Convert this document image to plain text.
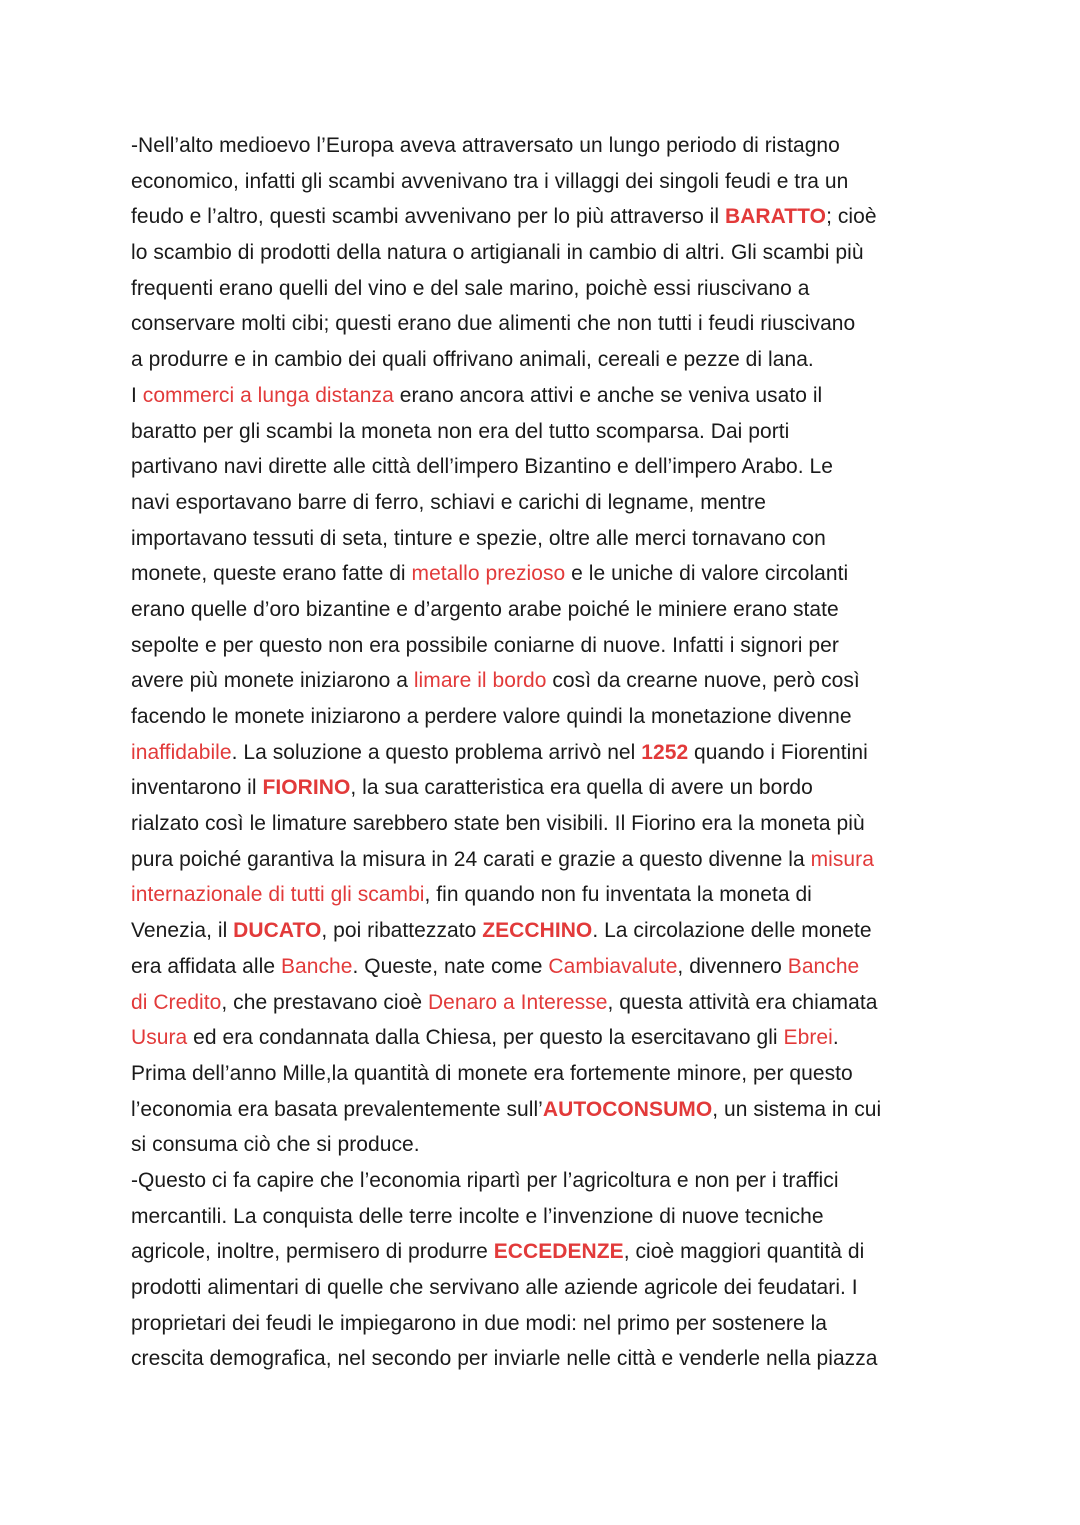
-Nell’alto medioevo l’Europa aveva attraversato un lungo periodo di ristagno
economico, infatti gli scambi avvenivano tra i villaggi dei singoli feudi e tra un
feudo e l’altro, questi scambi avvenivano per lo più attraverso il BARATTO; cioè
lo scambio di prodotti della natura o artigianali in cambio di altri. Gli scambi più
frequenti erano quelli del vino e del sale marino, poichè essi riuscivano a
conservare molti cibi; questi erano due alimenti che non tutti i feudi riuscivano
a produrre e in cambio dei quali offrivano animali, cereali e pezze di lana.
I commerci a lunga distanza erano ancora attivi e anche se veniva usato il
baratto per gli scambi la moneta non era del tutto scomparsa. Dai porti
partivano navi dirette alle città dell’impero Bizantino e dell’impero Arabo. Le
navi esportavano barre di ferro, schiavi e carichi di legname, mentre
importavano tessuti di seta, tinture e spezie, oltre alle merci tornavano con
monete, queste erano fatte di metallo prezioso e le uniche di valore circolanti
erano quelle d’oro bizantine e d’argento arabe poiché le miniere erano state
sepolte e per questo non era possibile coniarne di nuove. Infatti i signori per
avere più monete iniziarono a limare il bordo così da crearne nuove, però così
facendo le monete iniziarono a perdere valore quindi la monetazione divenne
inaffidabile. La soluzione a questo problema arrivò nel 1252 quando i Fiorentini
inventarono il FIORINO, la sua caratteristica era quella di avere un bordo
rialzato così le limature sarebbero state ben visibili. Il Fiorino era la moneta più
pura poiché garantiva la misura in 24 carati e grazie a questo divenne la misura
internazionale di tutti gli scambi, fin quando non fu inventata la moneta di
Venezia, il DUCATO, poi ribattezzato ZECCHINO. La circolazione delle monete
era affidata alle Banche. Queste, nate come Cambiavalute, divennero Banche
di Credito, che prestavano cioè Denaro a Interesse, questa attività era chiamata
Usura ed era condannata dalla Chiesa, per questo la esercitavano gli Ebrei.
Prima dell’anno Mille,la quantità di monete era fortemente minore, per questo
l’economia era basata prevalentemente sull’AUTOCONSUMO, un sistema in cui
si consuma ciò che si produce.
-Questo ci fa capire che l’economia ripartì per l’agricoltura e non per i traffici
mercantili. La conquista delle terre incolte e l’invenzione di nuove tecniche
agricole, inoltre, permisero di produrre ECCEDENZE, cioè maggiori quantità di
prodotti alimentari di quelle che servivano alle aziende agricole dei feudatari. I
proprietari dei feudi le impiegarono in due modi: nel primo per sostenere la
crescita demografica, nel secondo per inviarle nelle città e venderle nella piazza
